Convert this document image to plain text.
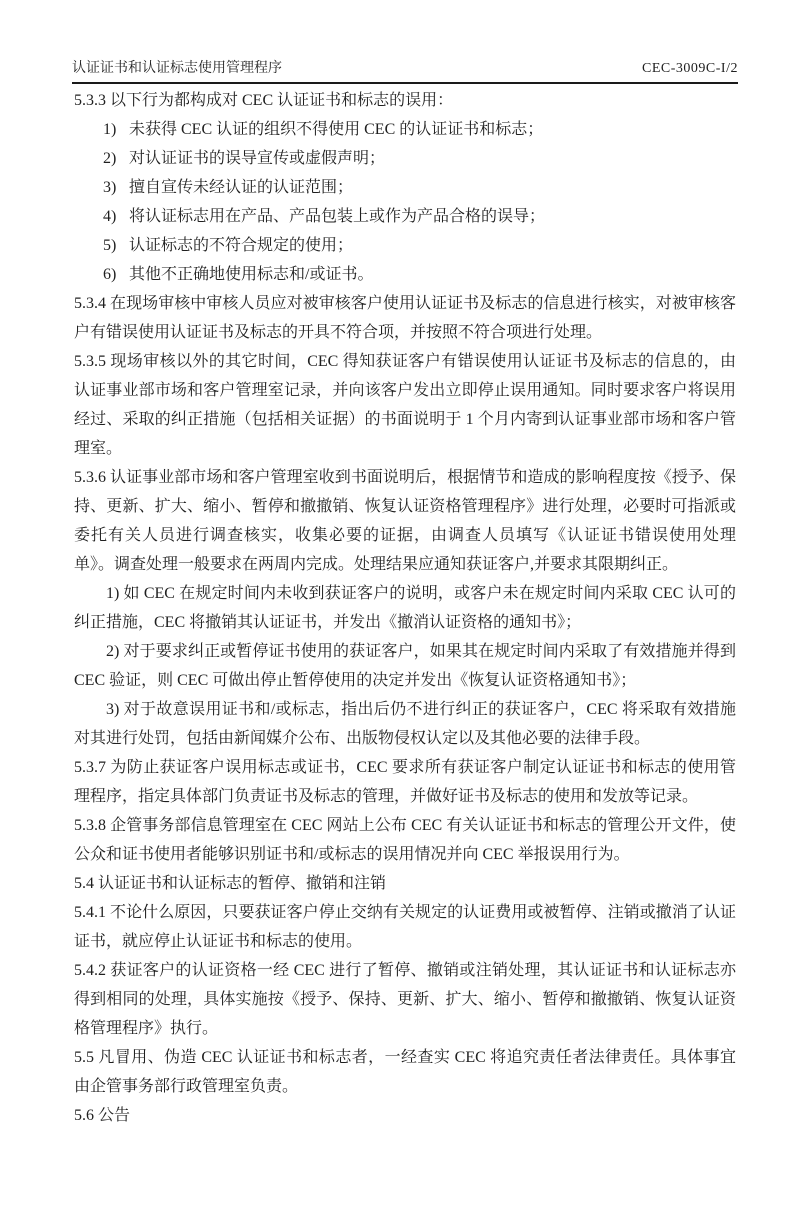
认证证书和认证标志使用管理程序	CEC-3009C-I/2

5.3.3 以下行为都构成对 CEC 认证证书和标志的误用：

1) 未获得 CEC 认证的组织不得使用 CEC 的认证证书和标志；

2) 对认证证书的误导宣传或虚假声明；

3) 擅自宣传未经认证的认证范围；

4) 将认证标志用在产品、产品包装上或作为产品合格的误导；

5) 认证标志的不符合规定的使用；

6) 其他不正确地使用标志和/或证书。

5.3.4 在现场审核中审核人员应对被审核客户使用认证证书及标志的信息进行核实，对被审核客户有错误使用认证证书及标志的开具不符合项，并按照不符合项进行处理。

5.3.5 现场审核以外的其它时间，CEC 得知获证客户有错误使用认证证书及标志的信息的，由认证事业部市场和客户管理室记录，并向该客户发出立即停止误用通知。同时要求客户将误用经过、采取的纠正措施（包括相关证据）的书面说明于 1 个月内寄到认证事业部市场和客户管理室。

5.3.6 认证事业部市场和客户管理室收到书面说明后，根据情节和造成的影响程度按《授予、保持、更新、扩大、缩小、暂停和撤撤销、恢复认证资格管理程序》进行处理，必要时可指派或委托有关人员进行调查核实，收集必要的证据，由调查人员填写《认证证书错误使用处理单》。调查处理一般要求在两周内完成。处理结果应通知获证客户,并要求其限期纠正。

1) 如 CEC 在规定时间内未收到获证客户的说明，或客户未在规定时间内采取 CEC 认可的纠正措施，CEC 将撤销其认证证书，并发出《撤消认证资格的通知书》；

2) 对于要求纠正或暂停证书使用的获证客户，如果其在规定时间内采取了有效措施并得到 CEC 验证，则 CEC 可做出停止暂停使用的决定并发出《恢复认证资格通知书》；

3) 对于故意误用证书和/或标志，指出后仍不进行纠正的获证客户，CEC 将采取有效措施对其进行处罚，包括由新闻媒介公布、出版物侵权认定以及其他必要的法律手段。

5.3.7 为防止获证客户误用标志或证书，CEC 要求所有获证客户制定认证证书和标志的使用管理程序，指定具体部门负责证书及标志的管理，并做好证书及标志的使用和发放等记录。

5.3.8 企管事务部信息管理室在 CEC 网站上公布 CEC 有关认证证书和标志的管理公开文件，使公众和证书使用者能够识别证书和/或标志的误用情况并向 CEC 举报误用行为。

5.4 认证证书和认证标志的暂停、撤销和注销

5.4.1 不论什么原因，只要获证客户停止交纳有关规定的认证费用或被暂停、注销或撤消了认证证书，就应停止认证证书和标志的使用。

5.4.2 获证客户的认证资格一经 CEC 进行了暂停、撤销或注销处理，其认证证书和认证标志亦得到相同的处理，具体实施按《授予、保持、更新、扩大、缩小、暂停和撤撤销、恢复认证资格管理程序》执行。

5.5 凡冒用、伪造 CEC 认证证书和标志者，一经查实 CEC 将追究责任者法律责任。具体事宜由企管事务部行政管理室负责。

5.6 公告
